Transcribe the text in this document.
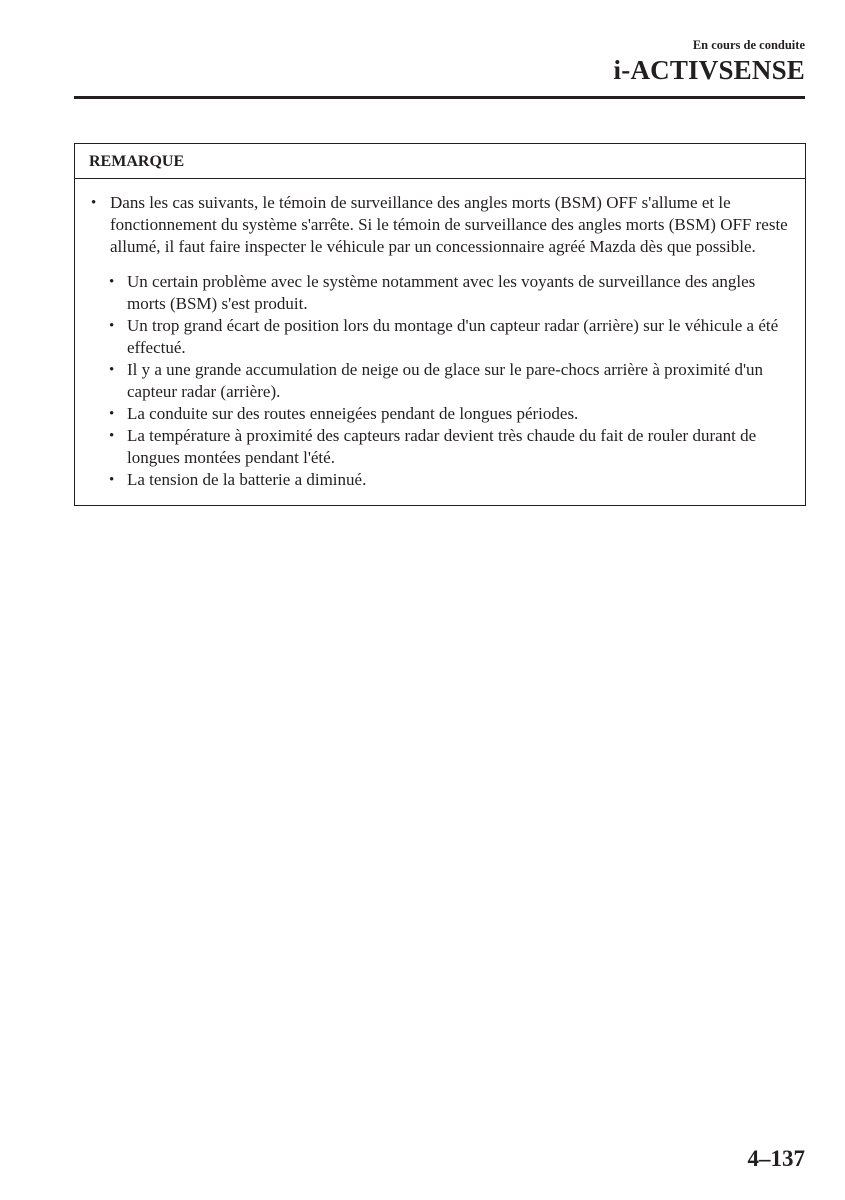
En cours de conduite
i-ACTIVSENSE
REMARQUE
• Dans les cas suivants, le témoin de surveillance des angles morts (BSM) OFF s'allume et le fonctionnement du système s'arrête. Si le témoin de surveillance des angles morts (BSM) OFF reste allumé, il faut faire inspecter le véhicule par un concessionnaire agréé Mazda dès que possible.
• Un certain problème avec le système notamment avec les voyants de surveillance des angles morts (BSM) s'est produit.
• Un trop grand écart de position lors du montage d'un capteur radar (arrière) sur le véhicule a été effectué.
• Il y a une grande accumulation de neige ou de glace sur le pare-chocs arrière à proximité d'un capteur radar (arrière).
• La conduite sur des routes enneigées pendant de longues périodes.
• La température à proximité des capteurs radar devient très chaude du fait de rouler durant de longues montées pendant l'été.
• La tension de la batterie a diminué.
4–137
